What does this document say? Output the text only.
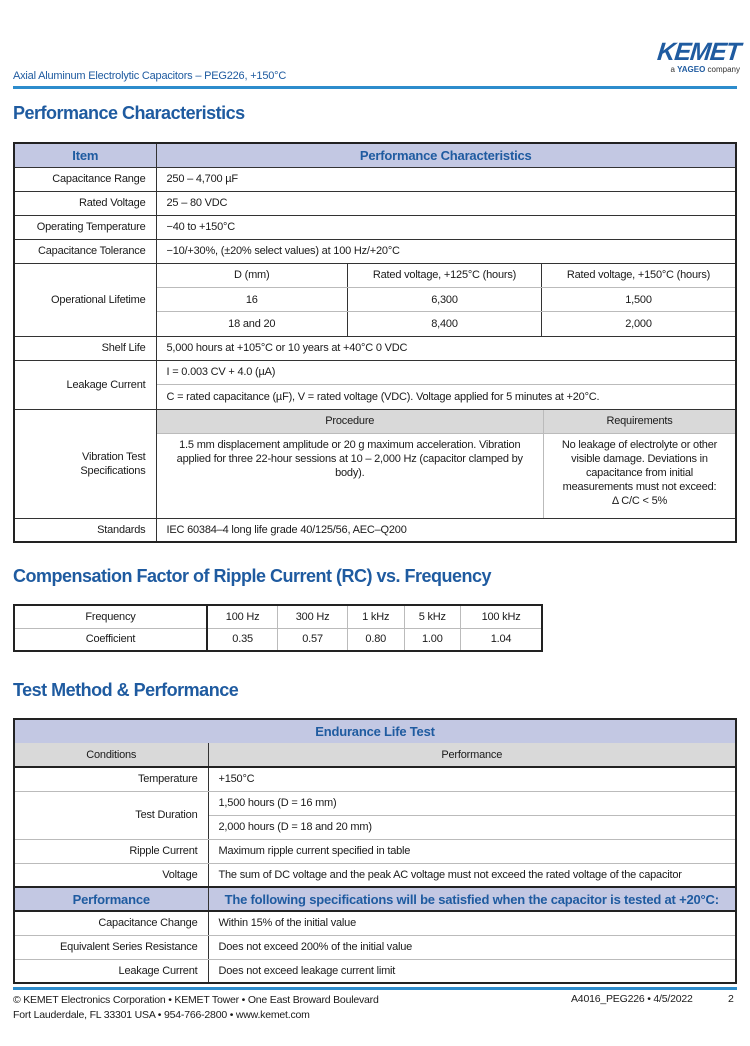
KEMET
a YAGEO company
Axial Aluminum Electrolytic Capacitors – PEG226, +150°C
Performance Characteristics
Item	Performance Characteristics
Capacitance Range	250 – 4,700 µF
Rated Voltage	25 – 80 VDC
Operating Temperature	−40 to +150°C
Capacitance Tolerance	−10/+30%, (±20% select values) at 100 Hz/+20°C
Operational Lifetime	
D (mm)	Rated voltage, +125°C (hours)	Rated voltage, +150°C (hours)
16	6,300	1,500
18 and 20	8,400	2,000

Shelf Life	5,000 hours at +105°C or 10 years at +40°C 0 VDC
Leakage Current	
I = 0.003 CV + 4.0 (µA)
C = rated capacitance (µF), V = rated voltage (VDC). Voltage applied for 5 minutes at +20°C.

Vibration Test Specifications

Procedure	Requirements
1.5 mm displacement amplitude or 20 g maximum acceleration. Vibration applied for three 22-hour sessions at 10 – 2,000 Hz (capacitor clamped by body).	No leakage of electrolyte or other visible damage. Deviations in capacitance from initial measurements must not exceed: Δ C/C < 5%

Standards	IEC 60384–4 long life grade 40/125/56, AEC–Q200
Compensation Factor of Ripple Current (RC) vs. Frequency
Frequency	100 Hz	300 Hz	1 kHz	5 kHz	100 kHz
Coefficient	0.35	0.57	0.80	1.00	1.04
Test Method & Performance
Endurance Life Test	
Conditions	Performance
Temperature	+150°C
Test Duration	1,500 hours (D = 16 mm)
	2,000 hours (D = 18 and 20 mm)
Ripple Current	Maximum ripple current specified in table
Voltage	The sum of DC voltage and the peak AC voltage must not exceed the rated voltage of the capacitor
Performance	The following specifications will be satisfied when the capacitor is tested at +20°C:
Capacitance Change	Within 15% of the initial value
Equivalent Series Resistance	Does not exceed 200% of the initial value
Leakage Current	Does not exceed leakage current limit
© KEMET Electronics Corporation • KEMET Tower • One East Broward Boulevard
Fort Lauderdale, FL 33301 USA • 954-766-2800 • www.kemet.com
A4016_PEG226 • 4/5/2022	2
